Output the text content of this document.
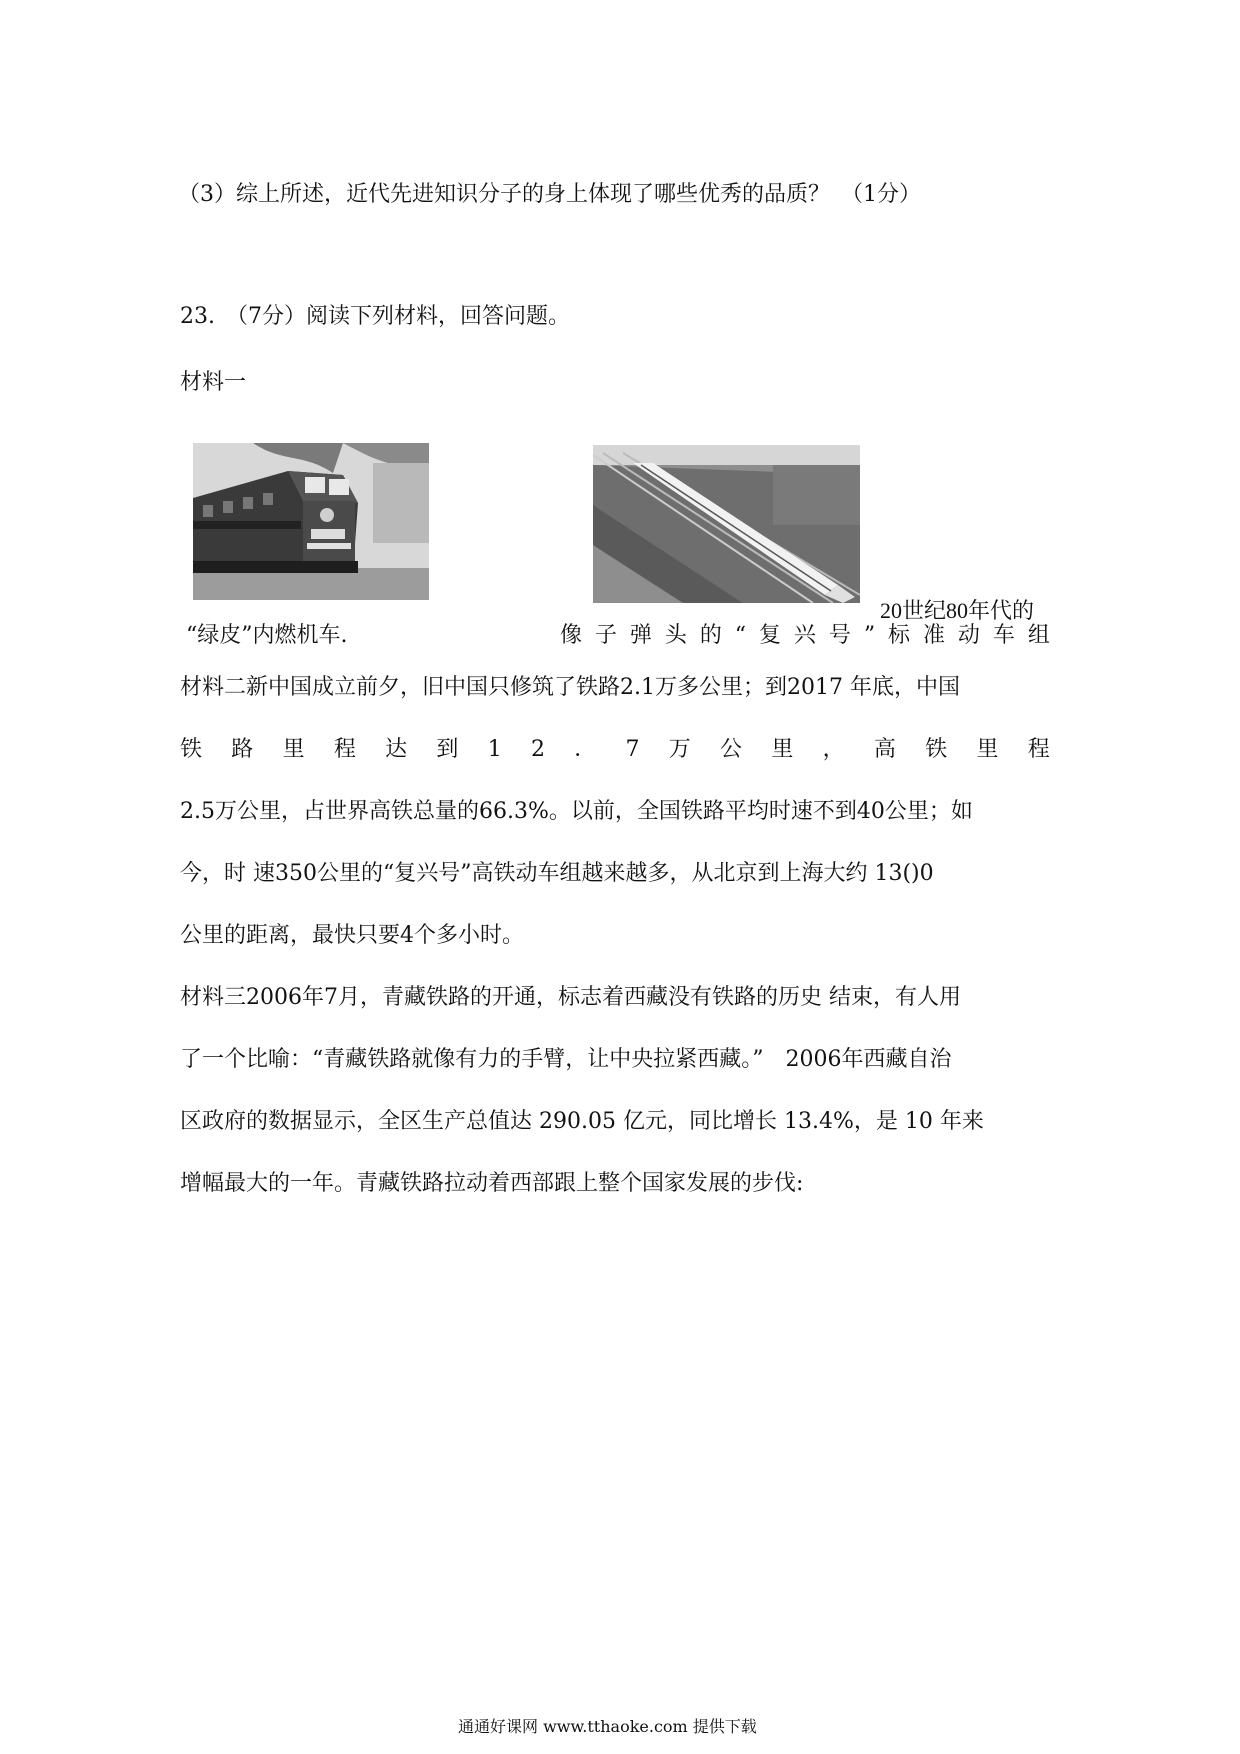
（3）综上所述，近代先进知识分子的身上体现了哪些优秀的品质？　（1分）
23.　（7分）阅读下列材料，回答问题。
材料一
20世纪80年代的
“绿皮”内燃机车.	像 子 弹 头 的 “ 复 兴 号 ” 标 准 动 车 组
材料二新中国成立前夕，旧中国只修筑了铁路2.1万多公里；到2017 年底，中国
铁 路 里 程 达 到 1 2 ． 7 万 公 里 ， 高 铁 里 程
2.5万公里，占世界高铁总量的66.3%。以前，全国铁路平均时速不到40公里；如
今，时 速350公里的“复兴号”高铁动车组越来越多，从北京到上海大约 13()0
公里的距离，最快只要4个多小时。
材料三2006年7月，青藏铁路的开通，标志着西藏没有铁路的历史 结束，有人用
了一个比喻：“青藏铁路就像有力的手臂，让中央拉紧西藏。”　2006年西藏自治
区政府的数据显示，全区生产总值达 290.05 亿元，同比增长 13.4%，是 10 年来
增幅最大的一年。青藏铁路拉动着西部跟上整个国家发展的步伐:
通通好课网 www.tthaoke.com 提供下载
